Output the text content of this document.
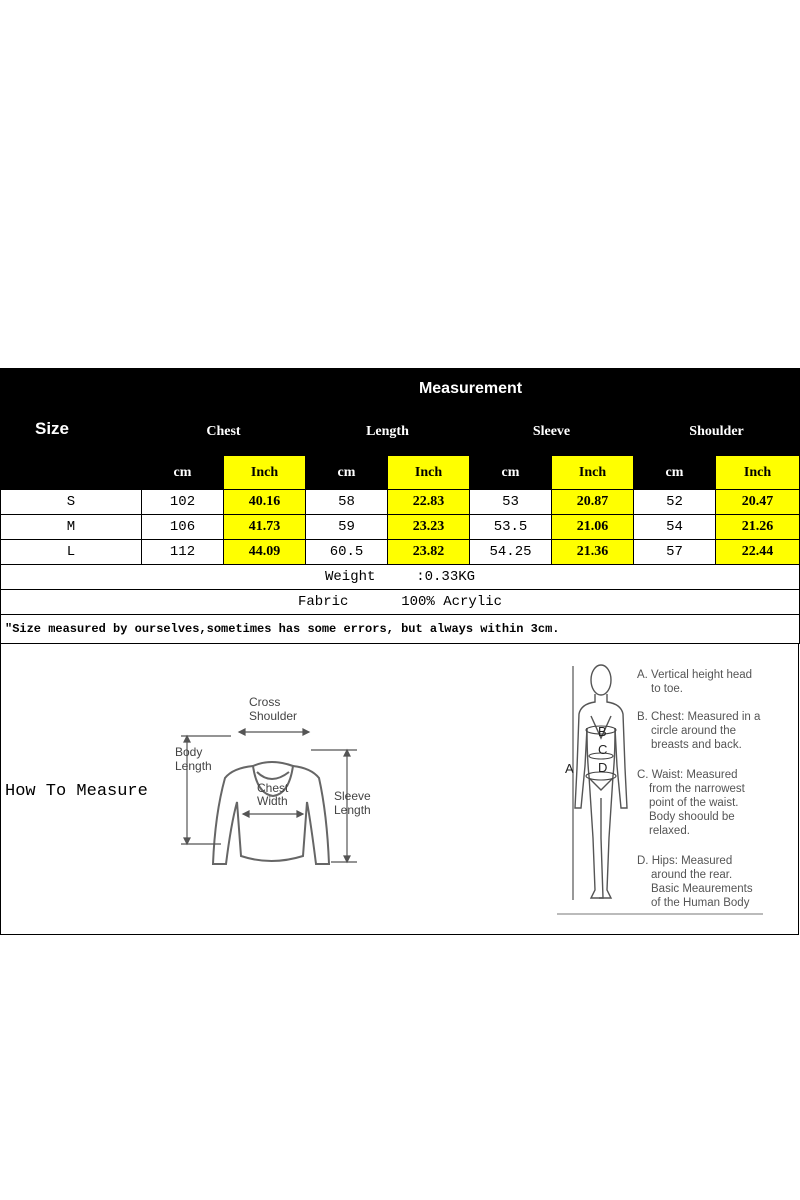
Size	Measurement							
	Chest		Length		Sleeve		Shoulder	
	cm	Inch	cm	Inch	cm	Inch	cm	Inch
S	102	40.16	58	22.83	53	20.87	52	20.47
M	106	41.73	59	23.23	53.5	21.06	54	21.26
L	112	44.09	60.5	23.82	54.25	21.36	57	22.44
Weight :0.33KG								
Fabric 100% Acrylic								
"Size measured by ourselves,sometimes has some errors, but always within 3cm.								
How To Measure
Cross
Shoulder
Body
Length
Chest
Width	Sleeve
Length
A
B
C
D
A. Vertical height head
to toe.
B. Chest: Measured in a
circle around the
breasts and back.
C. Waist: Measured
from the narrowest
point of the waist.
Body shoould be
relaxed.
D. Hips: Measured
around the rear.
Basic Meaurements
of the Human Body
